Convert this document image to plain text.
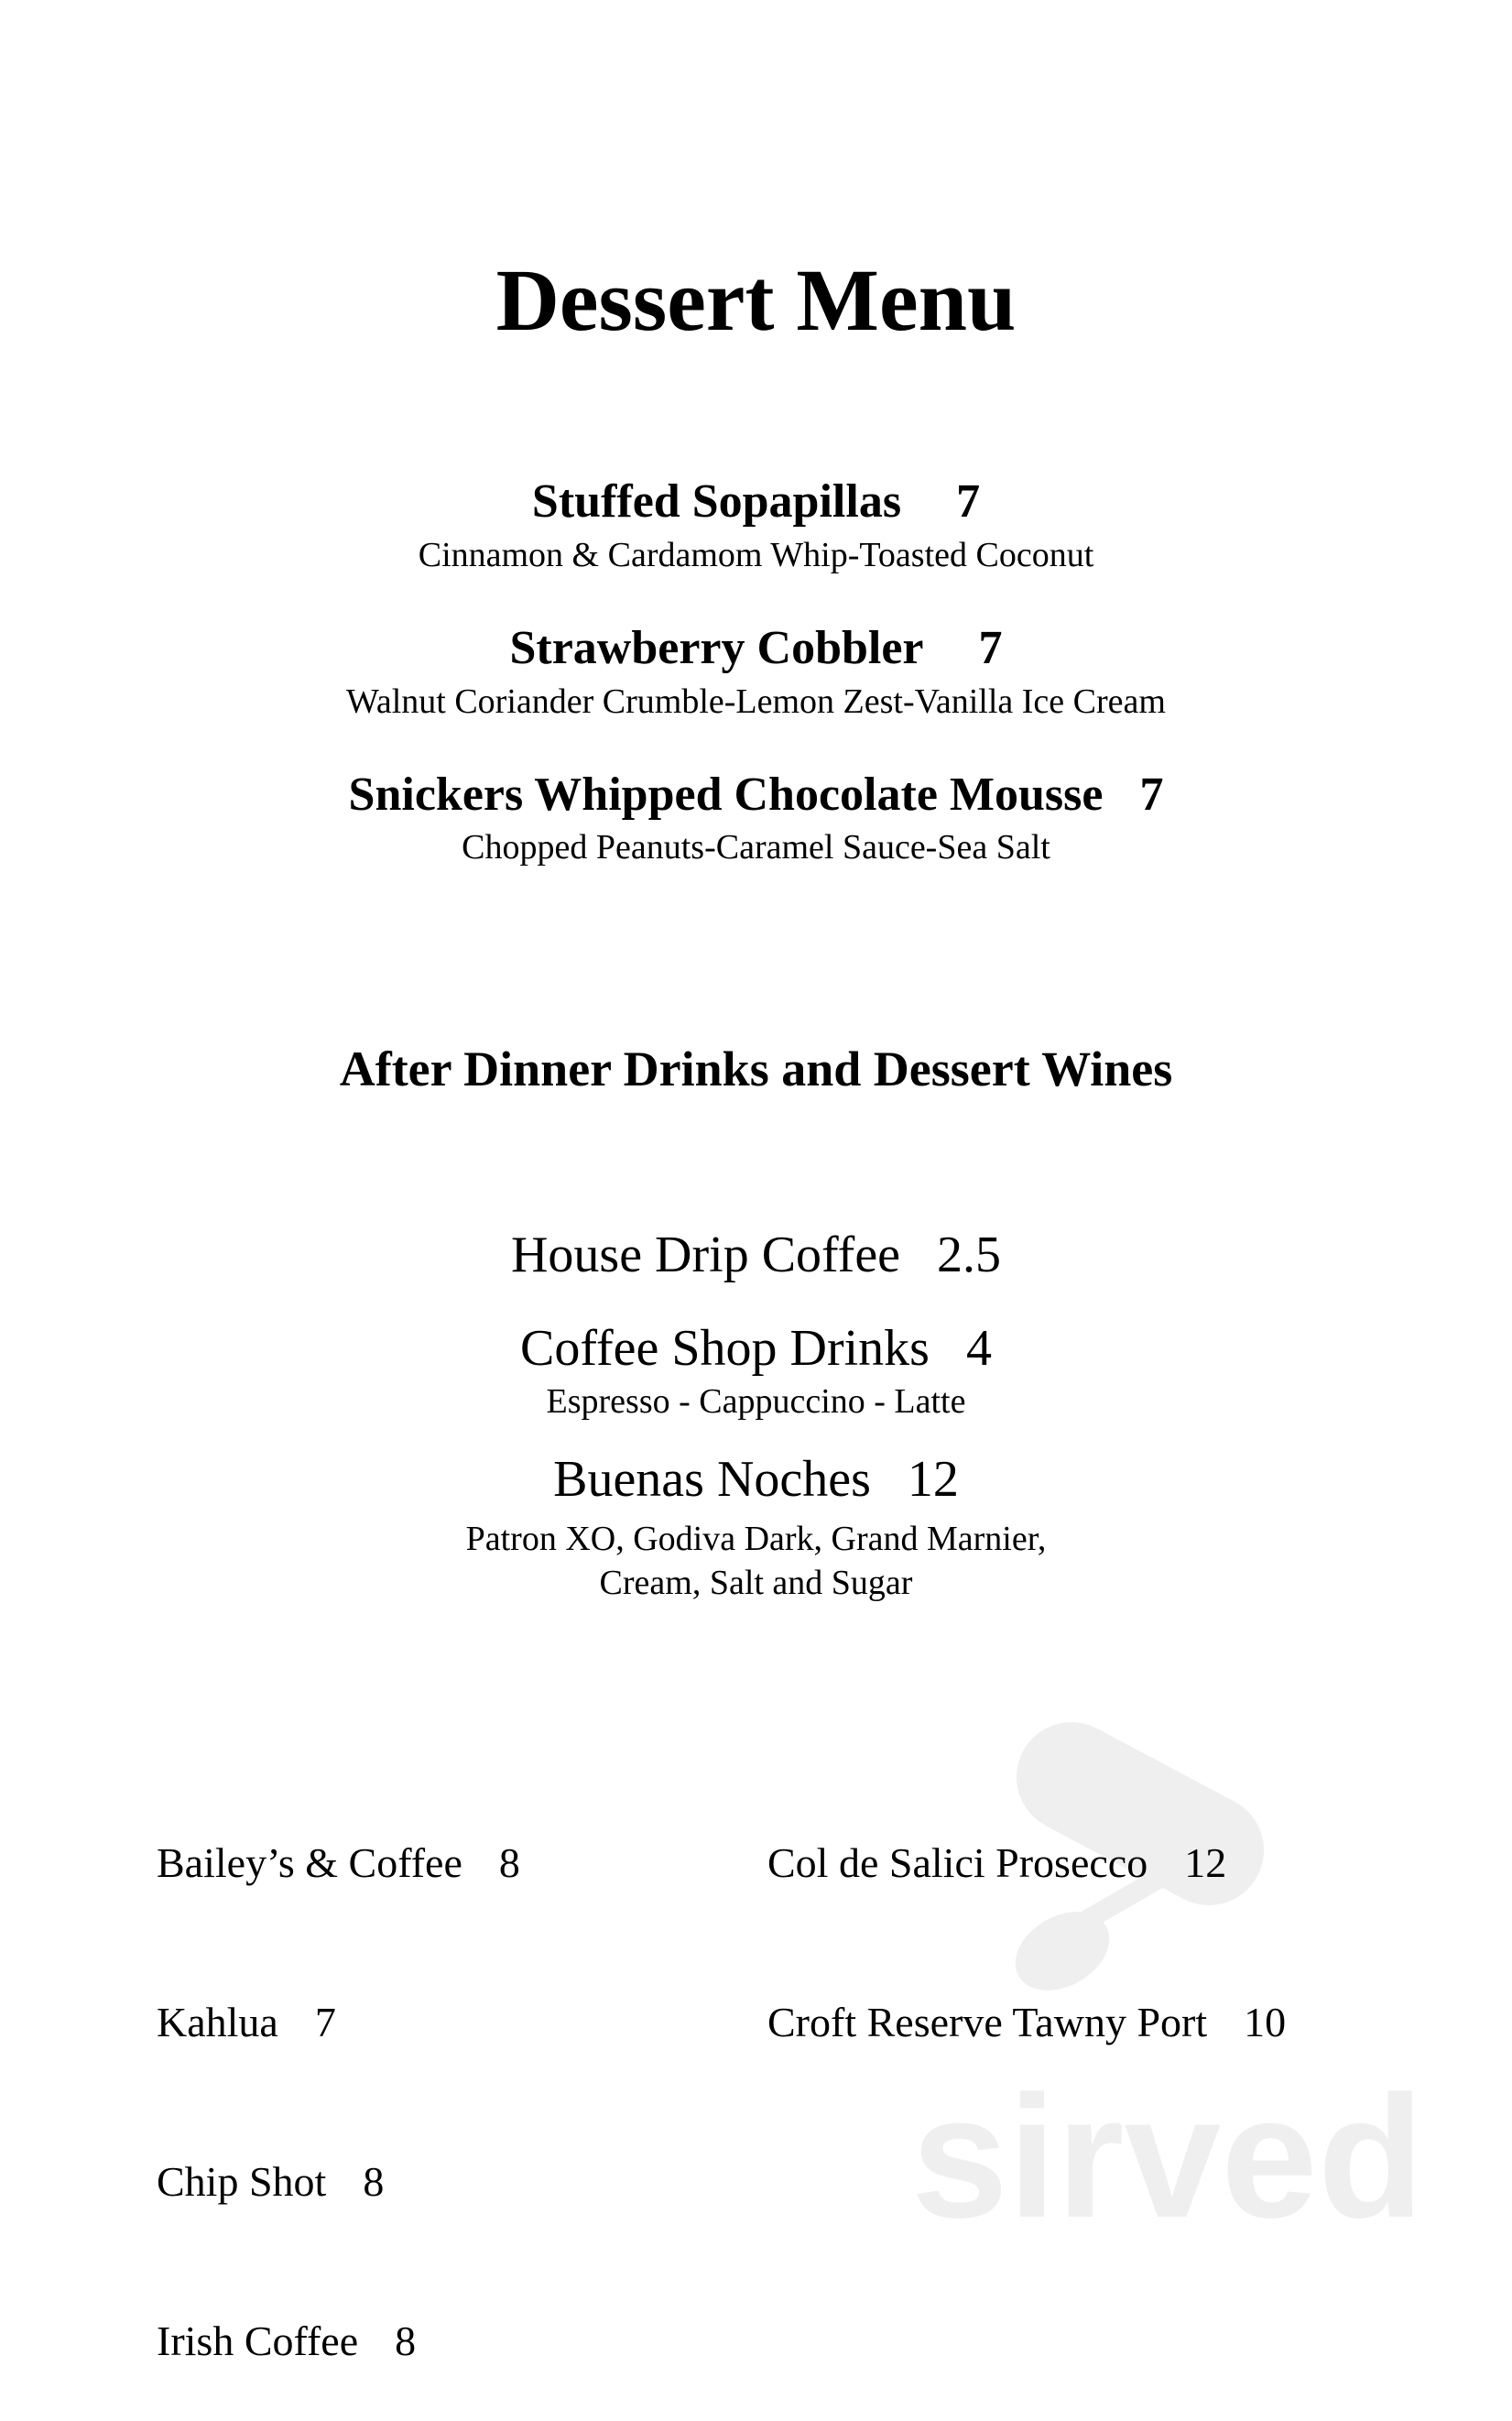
sirved
Dessert Menu
Stuffed Sopapillas 7
Cinnamon & Cardamom Whip-Toasted Coconut
Strawberry Cobbler 7
Walnut Coriander Crumble-Lemon Zest-Vanilla Ice Cream
Snickers Whipped Chocolate Mousse 7
Chopped Peanuts-Caramel Sauce-Sea Salt
After Dinner Drinks and Dessert Wines
House Drip Coffee 2.5
Coffee Shop Drinks 4
Espresso - Cappuccino - Latte
Buenas Noches 12
Patron XO, Godiva Dark, Grand Marnier,
Cream, Salt and Sugar

Bailey’s & Coffee 8

Kahlua 7

Chip Shot 8

Irish Coffee 8

Col de Salici Prosecco 12

Croft Reserve Tawny Port 10
